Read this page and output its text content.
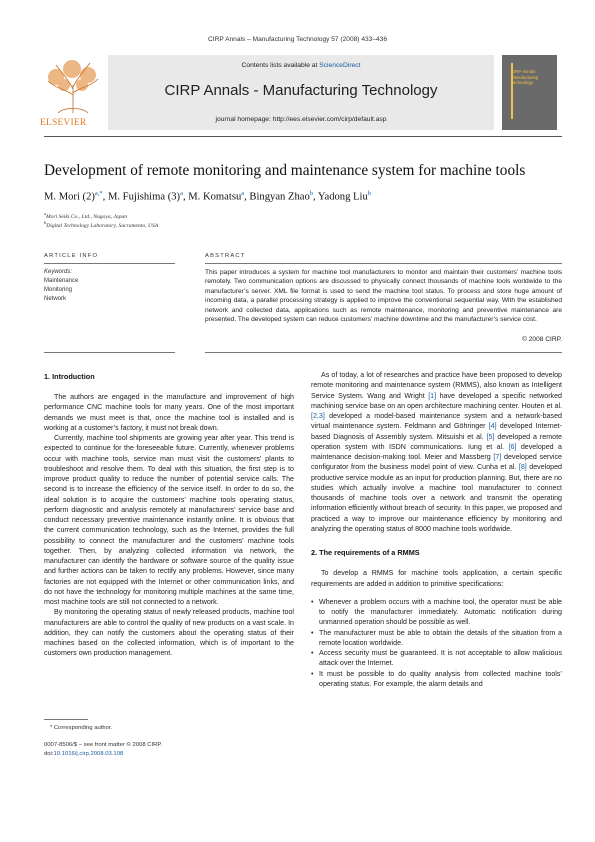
CIRP Annals – Manufacturing Technology 57 (2008) 433–436
ELSEVIER
Contents lists available at ScienceDirect
CIRP Annals - Manufacturing Technology
journal homepage: http://ees.elsevier.com/cirp/default.asp
CIRP Annals Manufacturing Technology
Development of remote monitoring and maintenance system for machine tools
M. Mori $(2)^{a,*}$, M. Fujishima $(3)^a$, M. Komatsu$^a$, Bingyan Zhao$^b$, Yadong Liu$^b$
$^a$Mori Seiki Co., Ltd., Nagoya, Japan
$^b$Digital Technology Laboratory, Sacramento, USA
ARTICLE INFO
Keywords:
Maintenance
Monitoring
Network
ABSTRACT
This paper introduces a system for machine tool manufacturers to monitor and maintain their customers’ machine tools remotely. Two communication options are discussed to physically connect thousands of machine tools worldwide to the manufacturer’s server. XML file format is used to send the machine tool status. To process and store huge amount of incoming data, a parallel processing strategy is applied to improve the conventional sequential way. With the established network and collected data, applications such as remote maintenance, monitoring and preventive maintenance are presented. The developed system can reduce customers’ machine downtime and the manufacturer’s service cost.
© 2008 CIRP.
1. Introduction

The authors are engaged in the manufacture and improvement of high performance CNC machine tools for many years. One of the most important demands we must meet is that, once the machine tool is installed and is working at a customer’s factory, it must not break down.

Currently, machine tool shipments are growing year after year. This trend is expected to continue for the foreseeable future. Currently, whenever problems occur with machine tools, service man must visit the customers’ plants to troubleshoot and resolve them. To deal with this situation, the first step is to improve product quality to reduce the number of potential service calls. The second is to increase the efficiency of the service itself. In order to do so, the ideal solution is to acquire the customers’ machine tools operating status, perform diagnostic and analysis remotely at manufacturers’ service base and conduct necessary preventive maintenance instantly online. It is obvious that the current communication technology, such as the Internet, provides the full possibility to connect the manufacturer and the customers’ machine tools together. Then, by analyzing collected information via network, the manufacturer can identify the hardware or software source of the quality issue and further actions can be taken to rectify any problems. However, since many factories are not equipped with the Internet or other communication links, and do not have the technology for monitoring multiple machines at the same time, most machine tools are still not connected to a network.

By monitoring the operating status of newly released products, machine tool manufacturers are able to control the quality of new products on a vast scale. In addition, they can notify the customers about the operating status of their machines based on the collected information, which is of important to the customers own production management.

* Corresponding author.
0007-8506/$ – see front matter © 2008 CIRP.
doi:10.1016/j.cirp.2008.03.108

As of today, a lot of researches and practice have been proposed to develop remote monitoring and maintenance system (RMMS), also known as Intelligent Service System. Wang and Wright [1] have developed a specific networked machining service base on an open architecture machining center. Houten et al. [2,3] developed a model-based maintenance system and a network-based virtual maintenance system. Feldmann and Göhringer [4] developed Internet-based Diagnosis of Assembly system. Mitsuishi et al. [5] developed a remote operation system with ISDN communications. Iung et al. [6] developed a maintenance decision-making tool. Meier and Massberg [7] developed service configurator from the business model point of view. Cunha et al. [8] developed productive service module as an input for production planning. But, there are no studies which actually involve a machine tool manufacturer to connect thousands of machine tools over a network and transmit the operating information efficiently without breach of security. In this paper, we proposed and practiced a way to improve our maintenance efficiency by monitoring and analyzing the operating status of 8000 machine tools worldwide.

2. The requirements of a RMMS

To develop a RMMS for machine tools application, a certain specific requirements are added in addition to primitive specifications:

• Whenever a problem occurs with a machine tool, the operator must be able to notify the manufacturer immediately. Automatic notification during unmanned operation should be possible as well.
• The manufacturer must be able to obtain the details of the situation from a remote location worldwide.
• Access security must be guaranteed. It is not acceptable to allow malicious attack over the Internet.
• It must be possible to do quality analysis from collected machine tools’ operating status. For example, the alarm details and
